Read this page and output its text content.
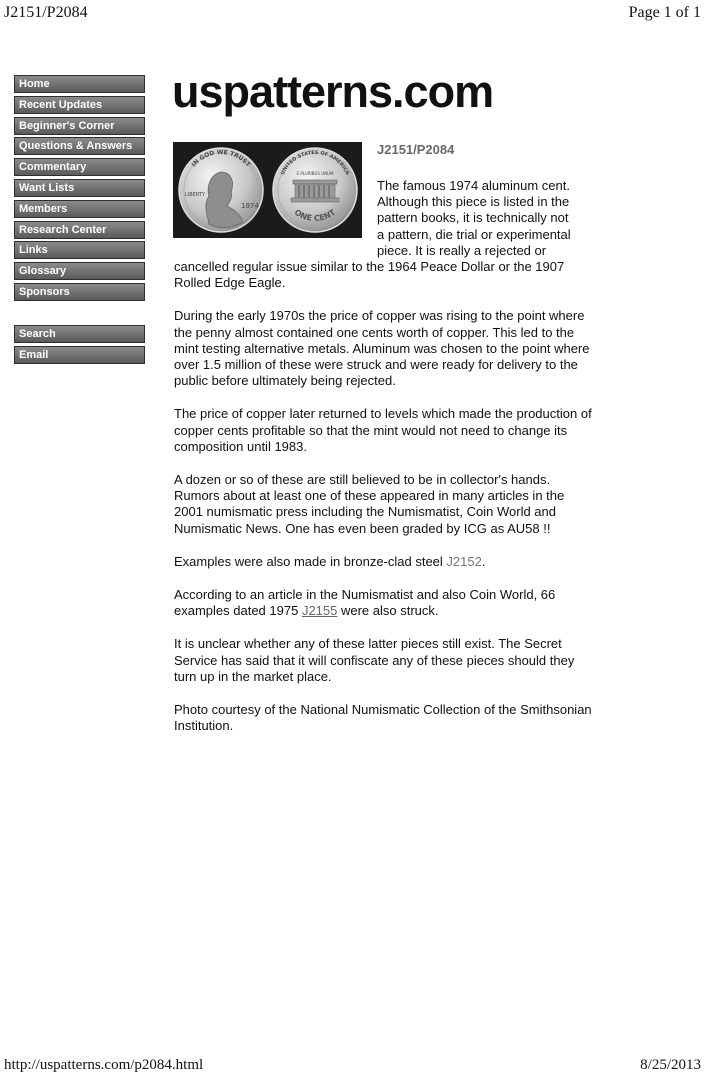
J2151/P2084	Page 1 of 1
Home
Recent Updates
Beginner's Corner
Questions & Answers
Commentary
Want Lists
Members
Research Center
Links
Glossary
Sponsors
Search
Email
uspatterns.com
IN GOD WE TRUST
LIBERTY
1974
UNITED STATES OF AMERICA
E PLURIBUS UNUM
ONE CENT
J2151/P2084

The famous 1974 aluminum cent.
Although this piece is listed in the
pattern books, it is technically not
a pattern, die trial or experimental
piece. It is really a rejected or
cancelled regular issue similar to the 1964 Peace Dollar or the 1907 Rolled Edge Eagle.

During the early 1970s the price of copper was rising to the point where the penny almost contained one cents worth of copper. This led to the mint testing alternative metals. Aluminum was chosen to the point where over 1.5 million of these were struck and were ready for delivery to the public before ultimately being rejected.

The price of copper later returned to levels which made the production of copper cents profitable so that the mint would not need to change its composition until 1983.

A dozen or so of these are still believed to be in collector's hands. Rumors about at least one of these appeared in many articles in the 2001 numismatic press including the Numismatist, Coin World and Numismatic News. One has even been graded by ICG as AU58 !!

Examples were also made in bronze-clad steel J2152.

According to an article in the Numismatist and also Coin World, 66 examples dated 1975 J2155 were also struck.

It is unclear whether any of these latter pieces still exist. The Secret Service has said that it will confiscate any of these pieces should they turn up in the market place.

Photo courtesy of the National Numismatic Collection of the Smithsonian Institution.

http://uspatterns.com/p2084.html	8/25/2013
